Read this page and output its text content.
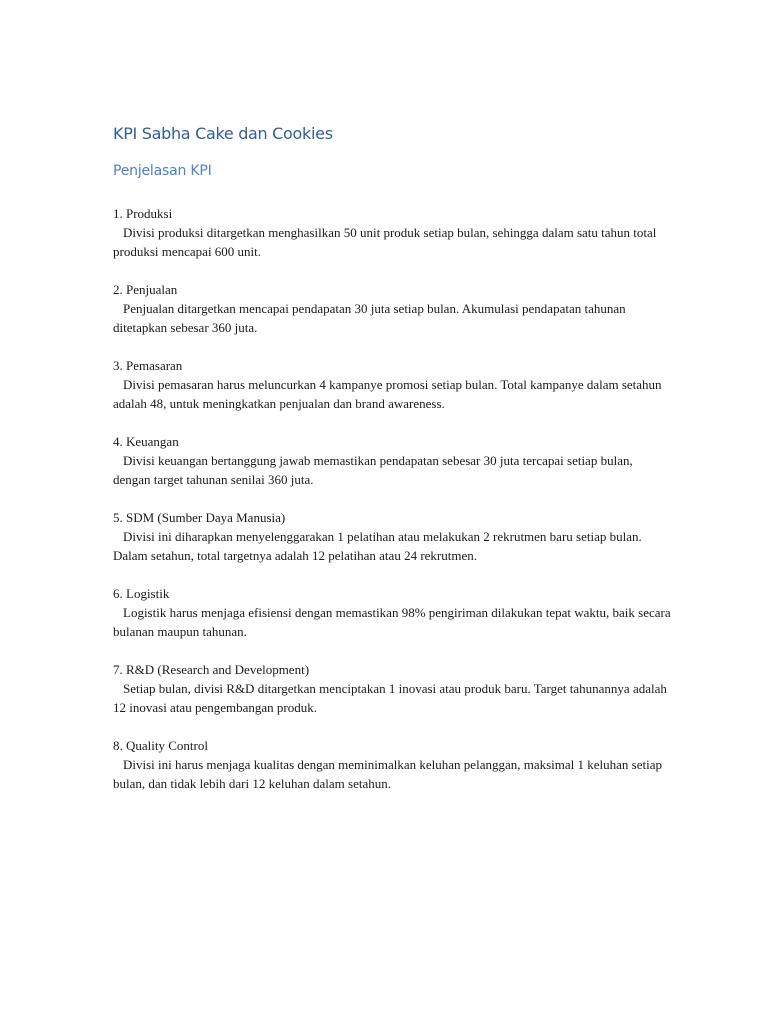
KPI Sabha Cake dan Cookies
Penjelasan KPI
1. Produksi
Divisi produksi ditargetkan menghasilkan 50 unit produk setiap bulan, sehingga dalam satu tahun total produksi mencapai 600 unit.
2. Penjualan
Penjualan ditargetkan mencapai pendapatan 30 juta setiap bulan. Akumulasi pendapatan tahunan ditetapkan sebesar 360 juta.
3. Pemasaran
Divisi pemasaran harus meluncurkan 4 kampanye promosi setiap bulan. Total kampanye dalam setahun adalah 48, untuk meningkatkan penjualan dan brand awareness.
4. Keuangan
Divisi keuangan bertanggung jawab memastikan pendapatan sebesar 30 juta tercapai setiap bulan, dengan target tahunan senilai 360 juta.
5. SDM (Sumber Daya Manusia)
Divisi ini diharapkan menyelenggarakan 1 pelatihan atau melakukan 2 rekrutmen baru setiap bulan. Dalam setahun, total targetnya adalah 12 pelatihan atau 24 rekrutmen.
6. Logistik
Logistik harus menjaga efisiensi dengan memastikan 98% pengiriman dilakukan tepat waktu, baik secara bulanan maupun tahunan.
7. R&D (Research and Development)
Setiap bulan, divisi R&D ditargetkan menciptakan 1 inovasi atau produk baru. Target tahunannya adalah 12 inovasi atau pengembangan produk.
8. Quality Control
Divisi ini harus menjaga kualitas dengan meminimalkan keluhan pelanggan, maksimal 1 keluhan setiap bulan, dan tidak lebih dari 12 keluhan dalam setahun.
